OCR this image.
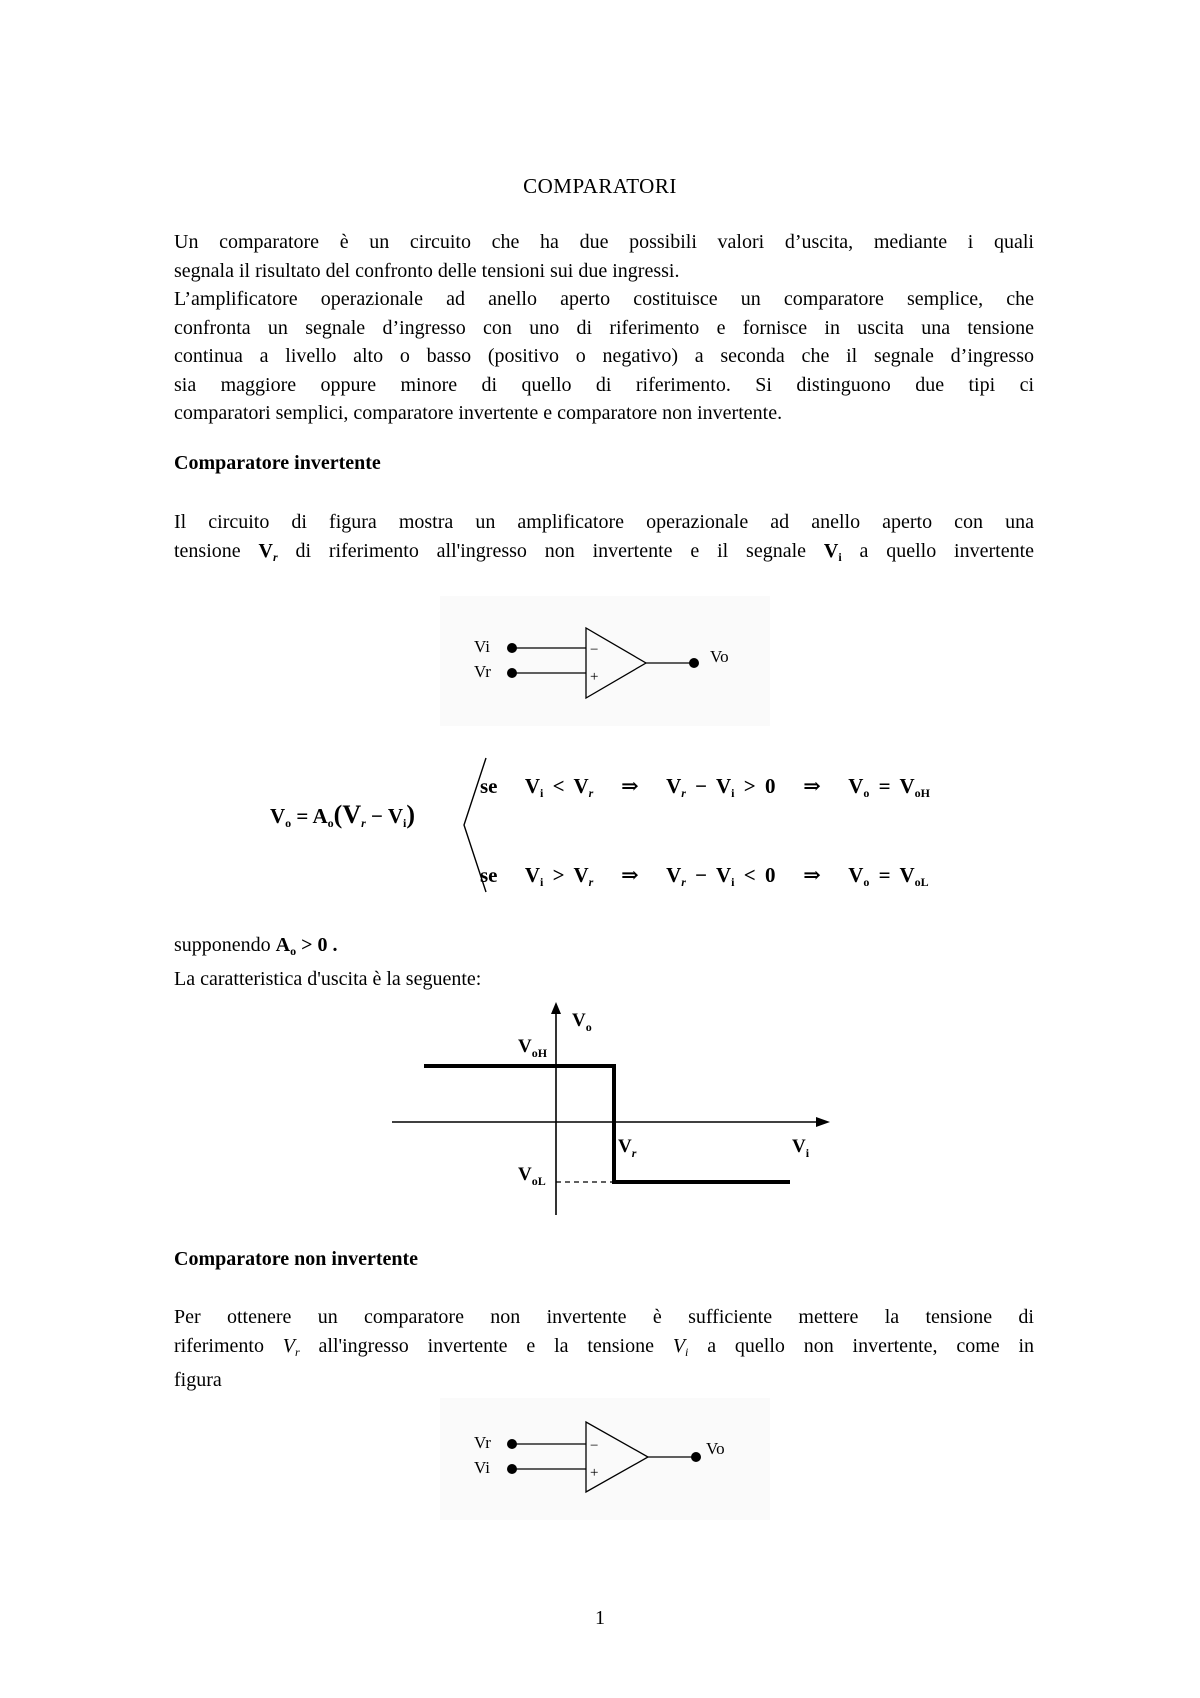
COMPARATORI
Un comparatore è un circuito che ha due possibili valori d’uscita, mediante i quali
segnala il risultato del confronto delle tensioni sui due ingressi.
L’amplificatore operazionale ad anello aperto costituisce un comparatore semplice, che
confronta un segnale d’ingresso con uno di riferimento e fornisce in uscita una tensione
continua a livello alto o basso (positivo o negativo) a seconda che il segnale d’ingresso
sia maggiore oppure minore di quello di riferimento. Si distinguono due tipi ci
comparatori semplici, comparatore invertente e comparatore non invertente.
Comparatore invertente
Il circuito di figura mostra un amplificatore operazionale ad anello aperto con una
tensione $V_r$ di riferimento all'ingresso non invertente e il segnale $V_i$ a quello invertente
Vi
Vr
−
+
Vo
$V_o = A_o(V_r - V_i)$
se $V_i < V_r$ ⇒ $V_r - V_i > 0$ ⇒ $V_o = V_{oH}$
se $V_i > V_r$ ⇒ $V_r - V_i < 0$ ⇒ $V_o = V_{oL}$
supponendo $A_o > 0$ .
La caratteristica d'uscita è la seguente:
$V_o$
$V_{oH}$
$V_{oL}$
$V_r$	$V_i$
Comparatore non invertente
Per ottenere un comparatore non invertente è sufficiente mettere la tensione di
riferimento $V_r$ all'ingresso invertente e la tensione $V_i$ a quello non invertente, come in
figura
Vr
Vi
−
+
Vo
1
